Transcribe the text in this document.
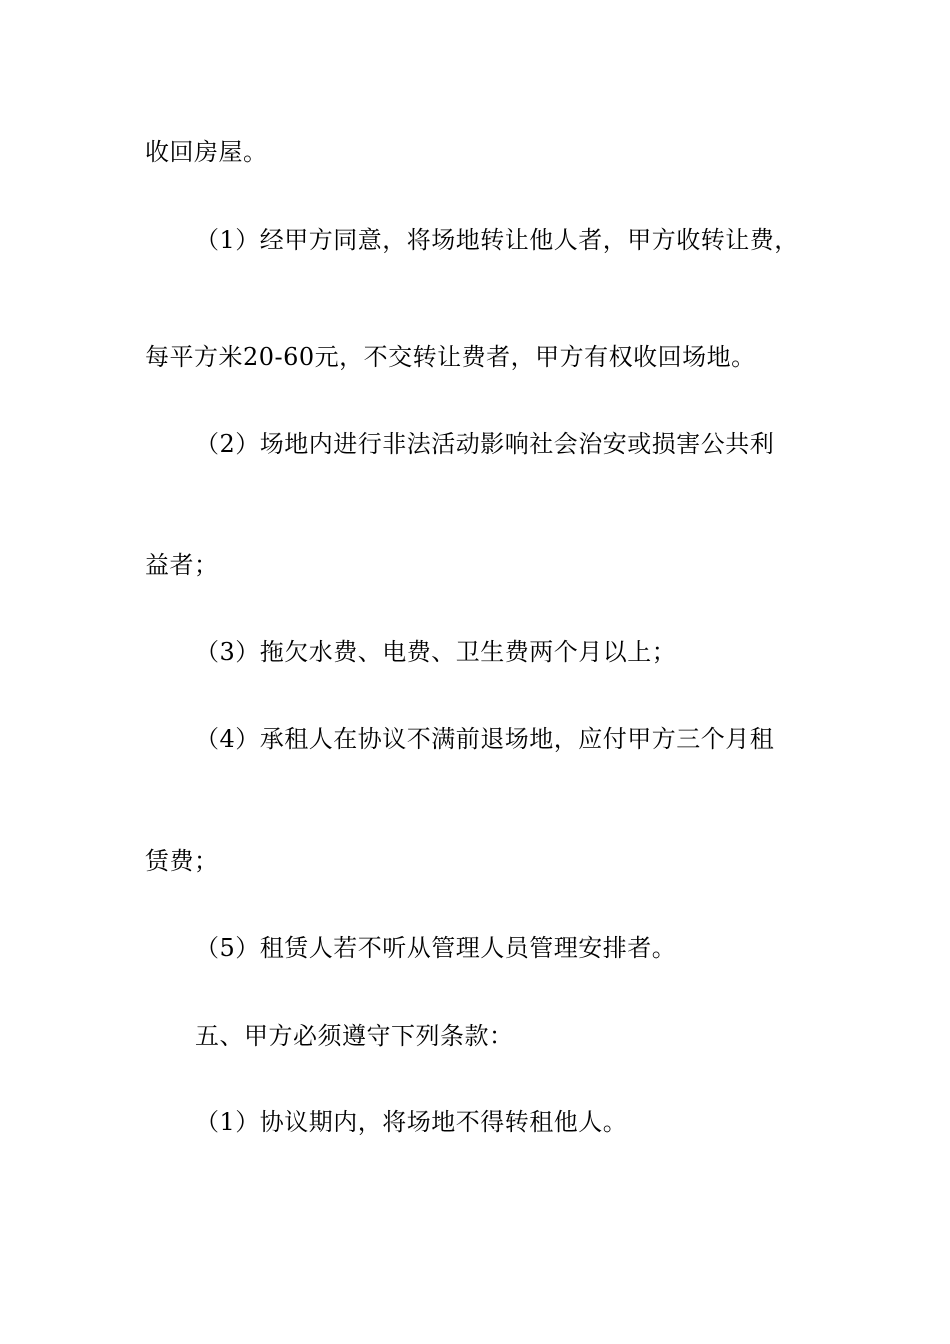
收回房屋。
（1）经甲方同意，将场地转让他人者，甲方收转让费，
每平方米20-60元，不交转让费者，甲方有权收回场地。
（2）场地内进行非法活动影响社会治安或损害公共利
益者；
（3）拖欠水费、电费、卫生费两个月以上；
（4）承租人在协议不满前退场地，应付甲方三个月租
赁费；
（5）租赁人若不听从管理人员管理安排者。
五、甲方必须遵守下列条款：
（1）协议期内，将场地不得转租他人。
